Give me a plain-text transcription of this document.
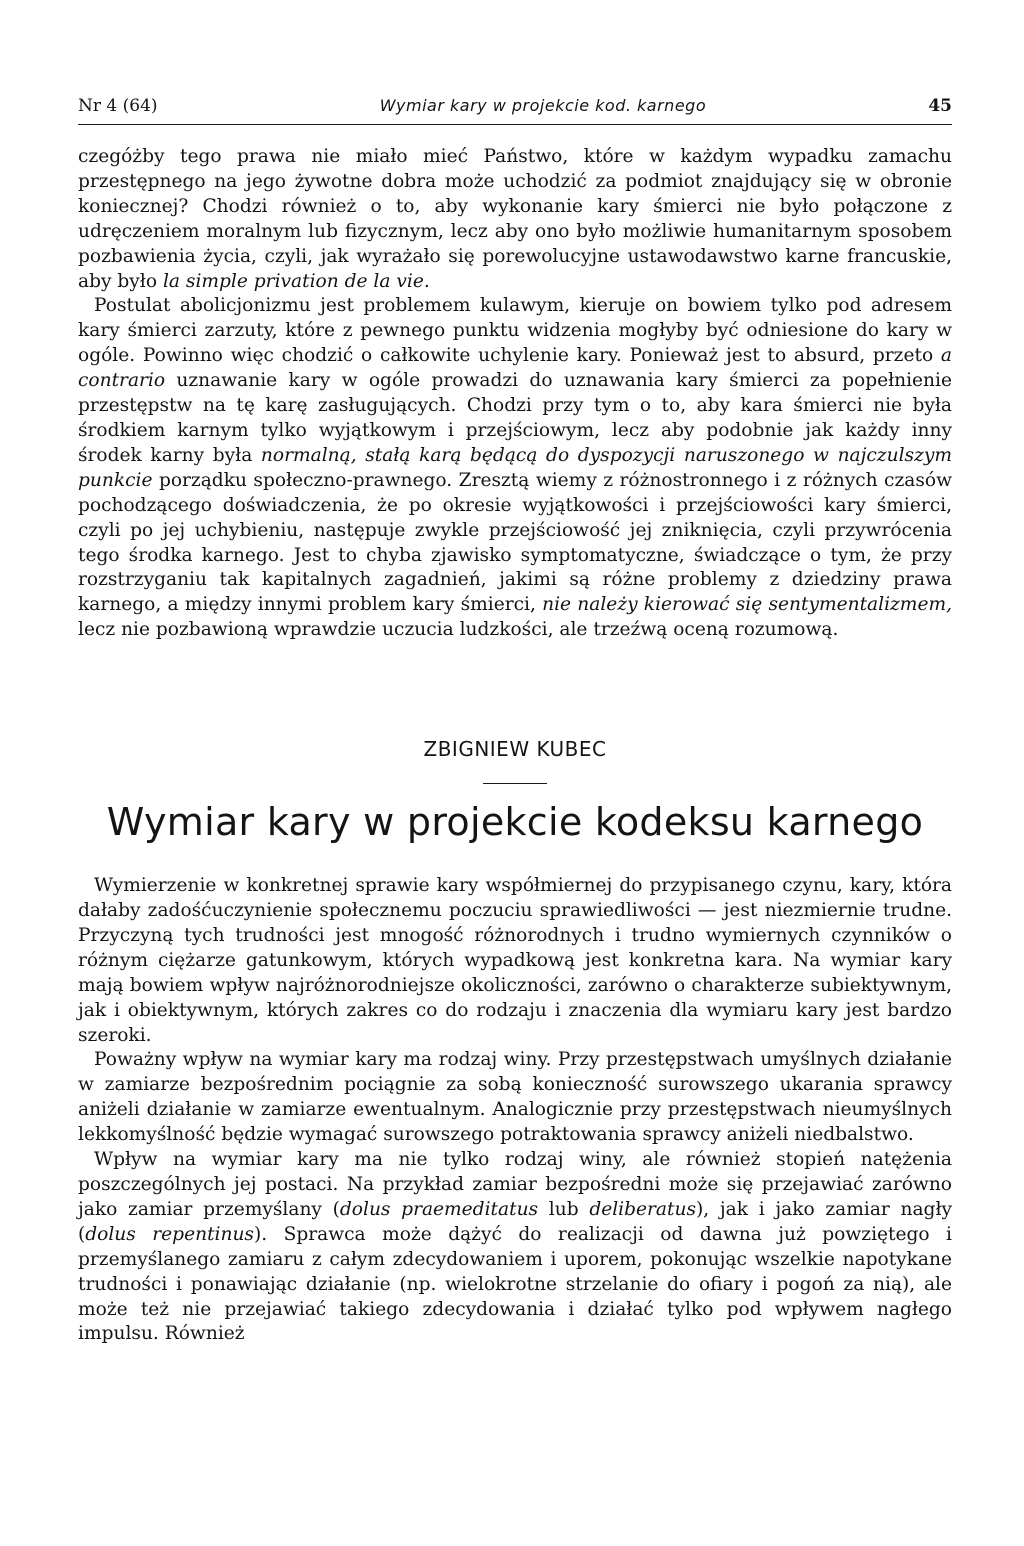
Nr 4 (64)	Wymiar kary w projekcie kod. karnego	45

czegóżby tego prawa nie miało mieć Państwo, które w każdym wypadku zamachu przestępnego na jego żywotne dobra może uchodzić za podmiot znajdujący się w obronie koniecznej? Chodzi również o to, aby wykonanie kary śmierci nie było połączone z udręczeniem moralnym lub fizycznym, lecz aby ono było możliwie humanitarnym sposobem pozbawienia życia, czyli, jak wyrażało się porewolucyjne ustawodawstwo karne francuskie, aby było la simple privation de la vie.

Postulat abolicjonizmu jest problemem kulawym, kieruje on bowiem tylko pod adresem kary śmierci zarzuty, które z pewnego punktu widzenia mogłyby być odniesione do kary w ogóle. Powinno więc chodzić o całkowite uchylenie kary. Ponieważ jest to absurd, przeto a contrario uznawanie kary w ogóle prowadzi do uznawania kary śmierci za popełnienie przestępstw na tę karę zasługujących. Chodzi przy tym o to, aby kara śmierci nie była środkiem karnym tylko wyjątkowym i przejściowym, lecz aby podobnie jak każdy inny środek karny była normalną, stałą karą będącą do dyspozycji naruszonego w najczulszym punkcie porządku społeczno-prawnego. Zresztą wiemy z różnostronnego i z różnych czasów pochodzącego doświadczenia, że po okresie wyjątkowości i przejściowości kary śmierci, czyli po jej uchybieniu, następuje zwykle przejściowość jej zniknięcia, czyli przywrócenia tego środka karnego. Jest to chyba zjawisko symptomatyczne, świadczące o tym, że przy rozstrzyganiu tak kapitalnych zagadnień, jakimi są różne problemy z dziedziny prawa karnego, a między innymi problem kary śmierci, nie należy kierować się sentymentalizmem, lecz nie pozbawioną wprawdzie uczucia ludzkości, ale trzeźwą oceną rozumową.

ZBIGNIEW KUBEC
Wymiar kary w projekcie kodeksu karnego

Wymierzenie w konkretnej sprawie kary współmiernej do przypisanego czynu, kary, która dałaby zadośćuczynienie społecznemu poczuciu sprawiedliwości — jest niezmiernie trudne. Przyczyną tych trudności jest mnogość różnorodnych i trudno wymiernych czynników o różnym ciężarze gatunkowym, których wypadkową jest konkretna kara. Na wymiar kary mają bowiem wpływ najróżnorodniejsze okoliczności, zarówno o charakterze subiektywnym, jak i obiektywnym, których zakres co do rodzaju i znaczenia dla wymiaru kary jest bardzo szeroki.

Poważny wpływ na wymiar kary ma rodzaj winy. Przy przestępstwach umyślnych działanie w zamiarze bezpośrednim pociągnie za sobą konieczność surowszego ukarania sprawcy aniżeli działanie w zamiarze ewentualnym. Analogicznie przy przestępstwach nieumyślnych lekkomyślność będzie wymagać surowszego potraktowania sprawcy aniżeli niedbalstwo.

Wpływ na wymiar kary ma nie tylko rodzaj winy, ale również stopień natężenia poszczególnych jej postaci. Na przykład zamiar bezpośredni może się przejawiać zarówno jako zamiar przemyślany (dolus praemeditatus lub deliberatus), jak i jako zamiar nagły (dolus repentinus). Sprawca może dążyć do realizacji od dawna już powziętego i przemyślanego zamiaru z całym zdecydowaniem i uporem, pokonując wszelkie napotykane trudności i ponawiając działanie (np. wielokrotne strzelanie do ofiary i pogoń za nią), ale może też nie przejawiać takiego zdecydowania i działać tylko pod wpływem nagłego impulsu. Również
